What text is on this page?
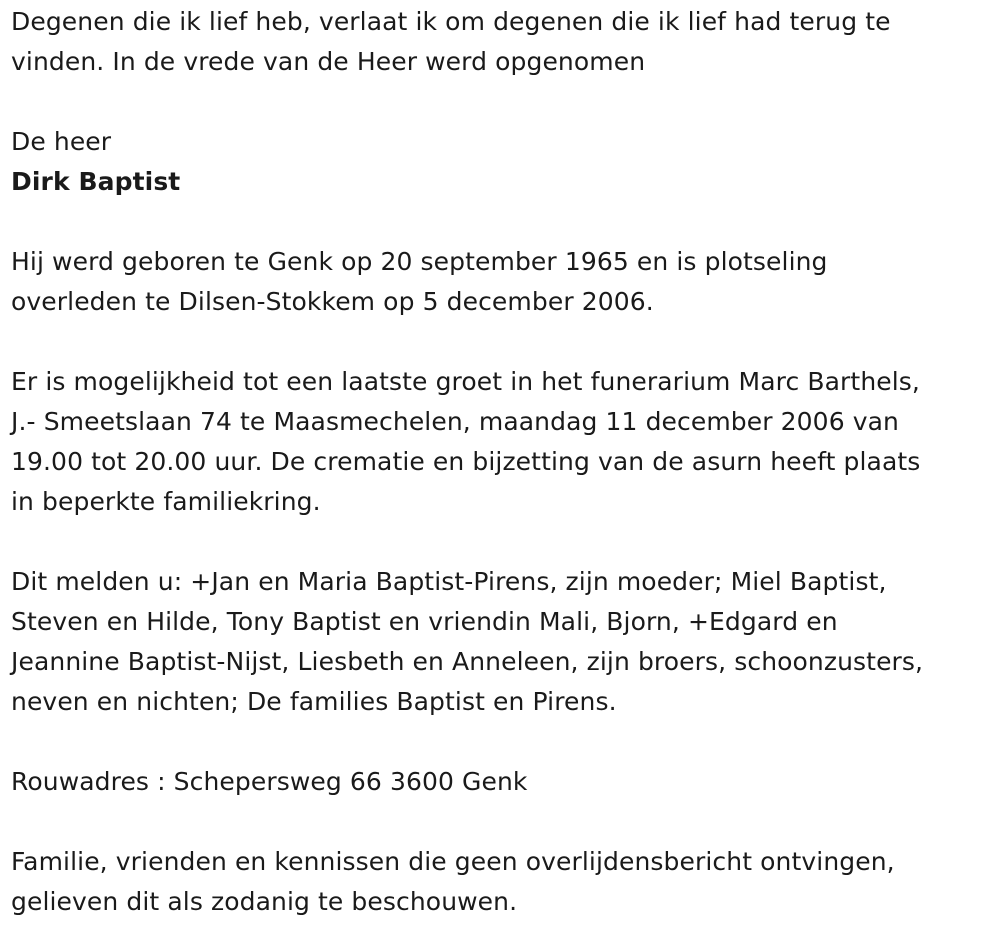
Degenen die ik lief heb, verlaat ik om degenen die ik lief had terug te

vinden. In de vrede van de Heer werd opgenomen

De heer

Dirk Baptist

Hij werd geboren te Genk op 20 september 1965 en is plotseling

overleden te Dilsen-Stokkem op 5 december 2006.

Er is mogelijkheid tot een laatste groet in het funerarium Marc Barthels,

J.- Smeetslaan 74 te Maasmechelen, maandag 11 december 2006 van

19.00 tot 20.00 uur. De crematie en bijzetting van de asurn heeft plaats

in beperkte familiekring.

Dit melden u: +Jan en Maria Baptist-Pirens, zijn moeder; Miel Baptist,

Steven en Hilde, Tony Baptist en vriendin Mali, Bjorn, +Edgard en

Jeannine Baptist-Nijst, Liesbeth en Anneleen, zijn broers, schoonzusters,

neven en nichten; De families Baptist en Pirens.

Rouwadres : Schepersweg 66 3600 Genk

Familie, vrienden en kennissen die geen overlijdensbericht ontvingen,

gelieven dit als zodanig te beschouwen.
